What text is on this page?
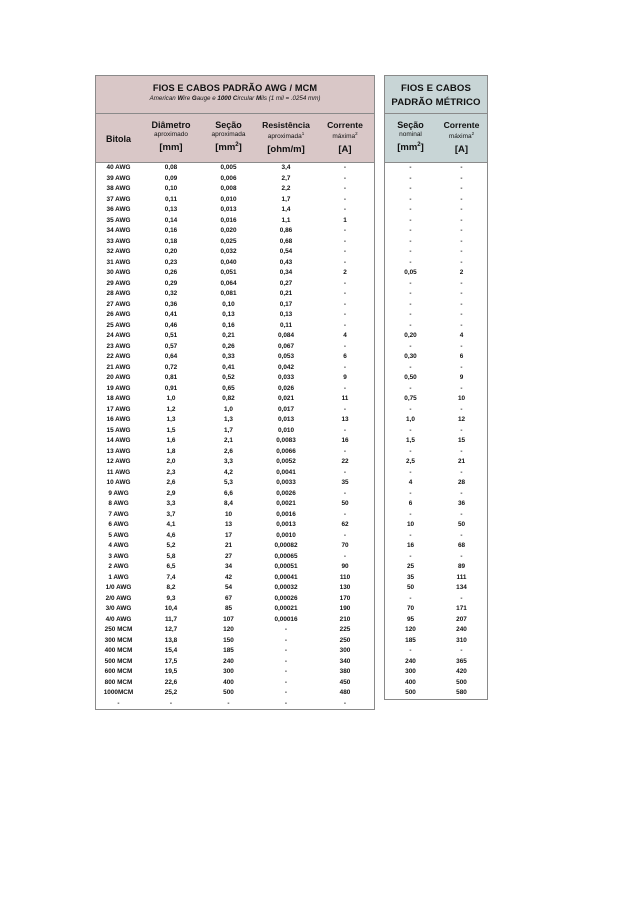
FIOS E CABOS PADRÃO AWG / MCM
American Wire Gauge e 1000 Circular Mils (1 mil = .0254 mm)
Bitola
Diâmetro
aproximado
[mm]
Seção
aproximada
$[mm^2]$
Resistência
aproximada$^1$
[ohm/m]
Corrente
máxima$^2$
[A]
40 AWG	0,08	0,005	3,4	-
39 AWG	0,09	0,006	2,7	-
38 AWG	0,10	0,008	2,2	-
37 AWG	0,11	0,010	1,7	-
36 AWG	0,13	0,013	1,4	-
35 AWG	0,14	0,016	1,1	1
34 AWG	0,16	0,020	0,86	-
33 AWG	0,18	0,025	0,68	-
32 AWG	0,20	0,032	0,54	-
31 AWG	0,23	0,040	0,43	-
30 AWG	0,26	0,051	0,34	2
29 AWG	0,29	0,064	0,27	-
28 AWG	0,32	0,081	0,21	-
27 AWG	0,36	0,10	0,17	-
26 AWG	0,41	0,13	0,13	-
25 AWG	0,46	0,16	0,11	-
24 AWG	0,51	0,21	0,084	4
23 AWG	0,57	0,26	0,067	-
22 AWG	0,64	0,33	0,053	6
21 AWG	0,72	0,41	0,042	-
20 AWG	0,81	0,52	0,033	9
19 AWG	0,91	0,65	0,026	-
18 AWG	1,0	0,82	0,021	11
17 AWG	1,2	1,0	0,017	-
16 AWG	1,3	1,3	0,013	13
15 AWG	1,5	1,7	0,010	-
14 AWG	1,6	2,1	0,0083	16
13 AWG	1,8	2,6	0,0066	-
12 AWG	2,0	3,3	0,0052	22
11 AWG	2,3	4,2	0,0041	-
10 AWG	2,6	5,3	0,0033	35
9 AWG	2,9	6,6	0,0026	-
8 AWG	3,3	8,4	0,0021	50
7 AWG	3,7	10	0,0016	-
6 AWG	4,1	13	0,0013	62
5 AWG	4,6	17	0,0010	-
4 AWG	5,2	21	0,00082	70
3 AWG	5,8	27	0,00065	-
2 AWG	6,5	34	0,00051	90
1 AWG	7,4	42	0,00041	110
1/0 AWG	8,2	54	0,00032	130
2/0 AWG	9,3	67	0,00026	170
3/0 AWG	10,4	85	0,00021	190
4/0 AWG	11,7	107	0,00016	210
250 MCM	12,7	120	-	225
300 MCM	13,8	150	-	250
400 MCM	15,4	185	-	300
500 MCM	17,5	240	-	340
600 MCM	19,5	300	-	380
800 MCM	22,6	400	-	450
1000MCM	25,2	500	-	480
-	-	-	-	-
FIOS E CABOS
PADRÃO MÉTRICO
Seção
nominal
$[mm^2]$
Corrente
máxima$^2$
[A]
-	-
-	-
-	-
-	-
-	-
-	-
-	-
-	-
-	-
-	-
0,05	2
-	-
-	-
-	-
-	-
-	-
0,20	4
-	-
0,30	6
-	-
0,50	9
-	-
0,75	10
-	-
1,0	12
-	-
1,5	15
-	-
2,5	21
-	-
4	28
-	-
6	36
-	-
10	50
-	-
16	68
-	-
25	89
35	111
50	134
-	-
70	171
95	207
120	240
185	310
-	-
240	365
300	420
400	500
500	580
